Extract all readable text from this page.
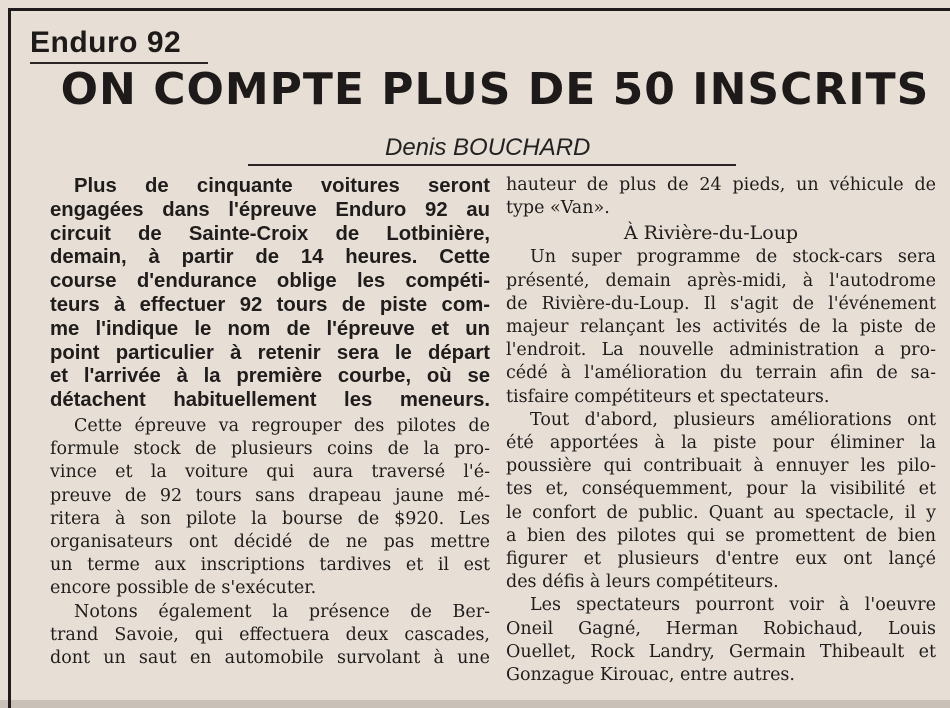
Enduro 92
ON COMPTE PLUS DE 50 INSCRITS
Denis BOUCHARD
Plus de cinquante voitures seront
engagées dans l'épreuve Enduro 92 au
circuit de Sainte-Croix de Lotbinière,
demain, à partir de 14 heures. Cette
course d'endurance oblige les compéti-
teurs à effectuer 92 tours de piste com-
me l'indique le nom de l'épreuve et un
point particulier à retenir sera le départ
et l'arrivée à la première courbe, où se
détachent habituellement les meneurs.
Cette épreuve va regrouper des pilotes de
formule stock de plusieurs coins de la pro-
vince et la voiture qui aura traversé l'é-
preuve de 92 tours sans drapeau jaune mé-
ritera à son pilote la bourse de $920. Les
organisateurs ont décidé de ne pas mettre
un terme aux inscriptions tardives et il est
encore possible de s'exécuter.
Notons également la présence de Ber-
trand Savoie, qui effectuera deux cascades,
dont un saut en automobile survolant à une
hauteur de plus de 24 pieds, un véhicule de
type «Van».
À Rivière-du-Loup
Un super programme de stock-cars sera
présenté, demain après-midi, à l'autodrome
de Rivière-du-Loup. Il s'agit de l'événement
majeur relançant les activités de la piste de
l'endroit. La nouvelle administration a pro-
cédé à l'amélioration du terrain afin de sa-
tisfaire compétiteurs et spectateurs.
Tout d'abord, plusieurs améliorations ont
été apportées à la piste pour éliminer la
poussière qui contribuait à ennuyer les pilo-
tes et, conséquemment, pour la visibilité et
le confort de public. Quant au spectacle, il y
a bien des pilotes qui se promettent de bien
figurer et plusieurs d'entre eux ont lançé
des défis à leurs compétiteurs.
Les spectateurs pourront voir à l'oeuvre
Oneil Gagné, Herman Robichaud, Louis
Ouellet, Rock Landry, Germain Thibeault et
Gonzague Kirouac, entre autres.
